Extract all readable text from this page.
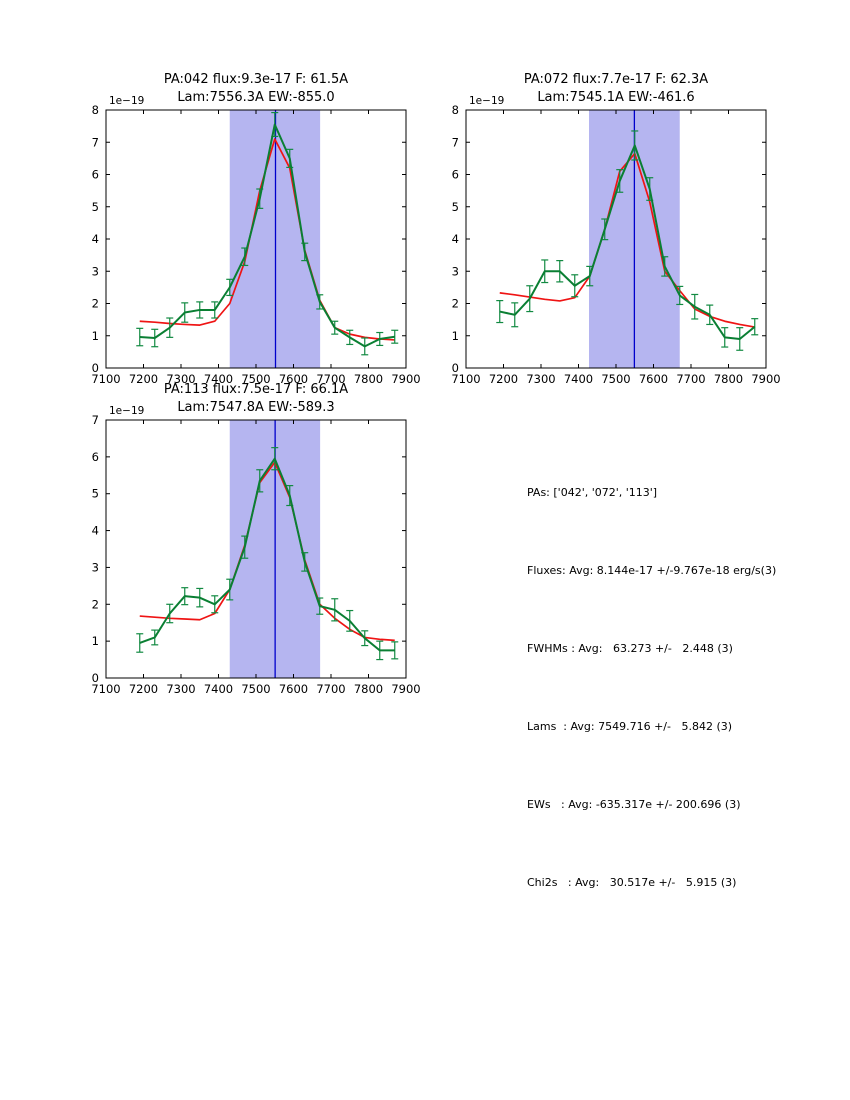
7100 7200 7300 7400 7500 7600 7700 7800 7900
0
1
2
3
4
5
6
7
8
7100 7200 7300 7400 7500 7600 7700 7800 7900
0
1
2
3
4
5
6
7
8
7100 7200 7300 7400 7500 7600 7700 7800 7900
0
1
2
3
4
5
6
7
PA:042 flux:9.3e-17 F: 61.5A
Lam:7556.3A EW:-855.0
PA:072 flux:7.7e-17 F: 62.3A
Lam:7545.1A EW:-461.6
PA:113 flux:7.5e-17 F: 66.1A
Lam:7547.8A EW:-589.3
1e−19	1e−19
1e−19

PAs: ['042', '072', '113']

Fluxes: Avg: 8.144e-17 +/-9.767e-18 erg/s(3)

FWHMs : Avg:   63.273 +/-   2.448 (3)

Lams  : Avg: 7549.716 +/-   5.842 (3)

EWs   : Avg: -635.317e +/- 200.696 (3)

Chi2s   : Avg:   30.517e +/-   5.915 (3)
